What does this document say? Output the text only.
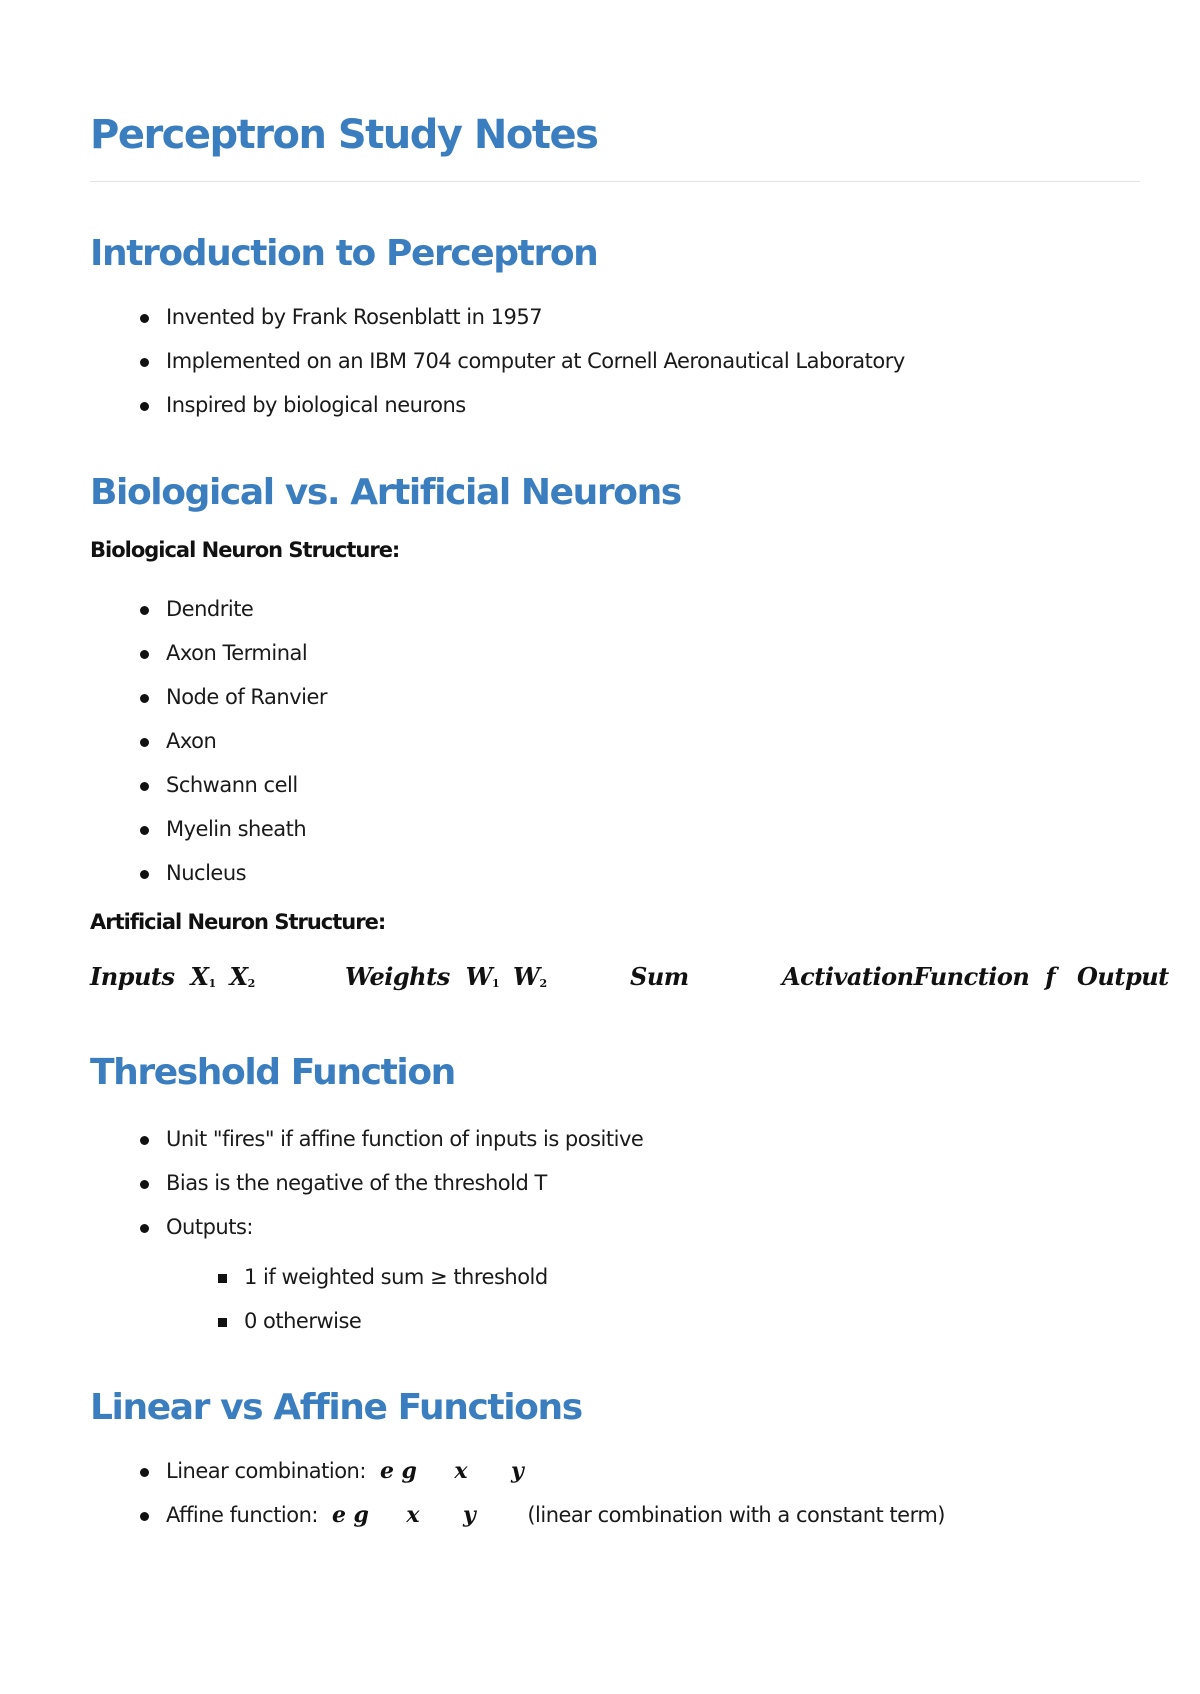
Perceptron Study Notes
Introduction to Perceptron
Invented by Frank Rosenblatt in 1957
Implemented on an IBM 704 computer at Cornell Aeronautical Laboratory
Inspired by biological neurons
Biological vs. Artificial Neurons
Biological Neuron Structure:
Dendrite
Axon Terminal
Node of Ranvier
Axon
Schwann cell
Myelin sheath
Nucleus
Artificial Neuron Structure:
Inputs $X_1$ $X_2$	Weights $W_1$ $W_2$	Sum	ActivationFunction f Output
Threshold Function
Unit "fires" if affine function of inputs is positive
Bias is the negative of the threshold T
Outputs:
1 if weighted sum ≥ threshold
0 otherwise
Linear vs Affine Functions
Linear combination: e g x y
Affine function: e g x y (linear combination with a constant term)
